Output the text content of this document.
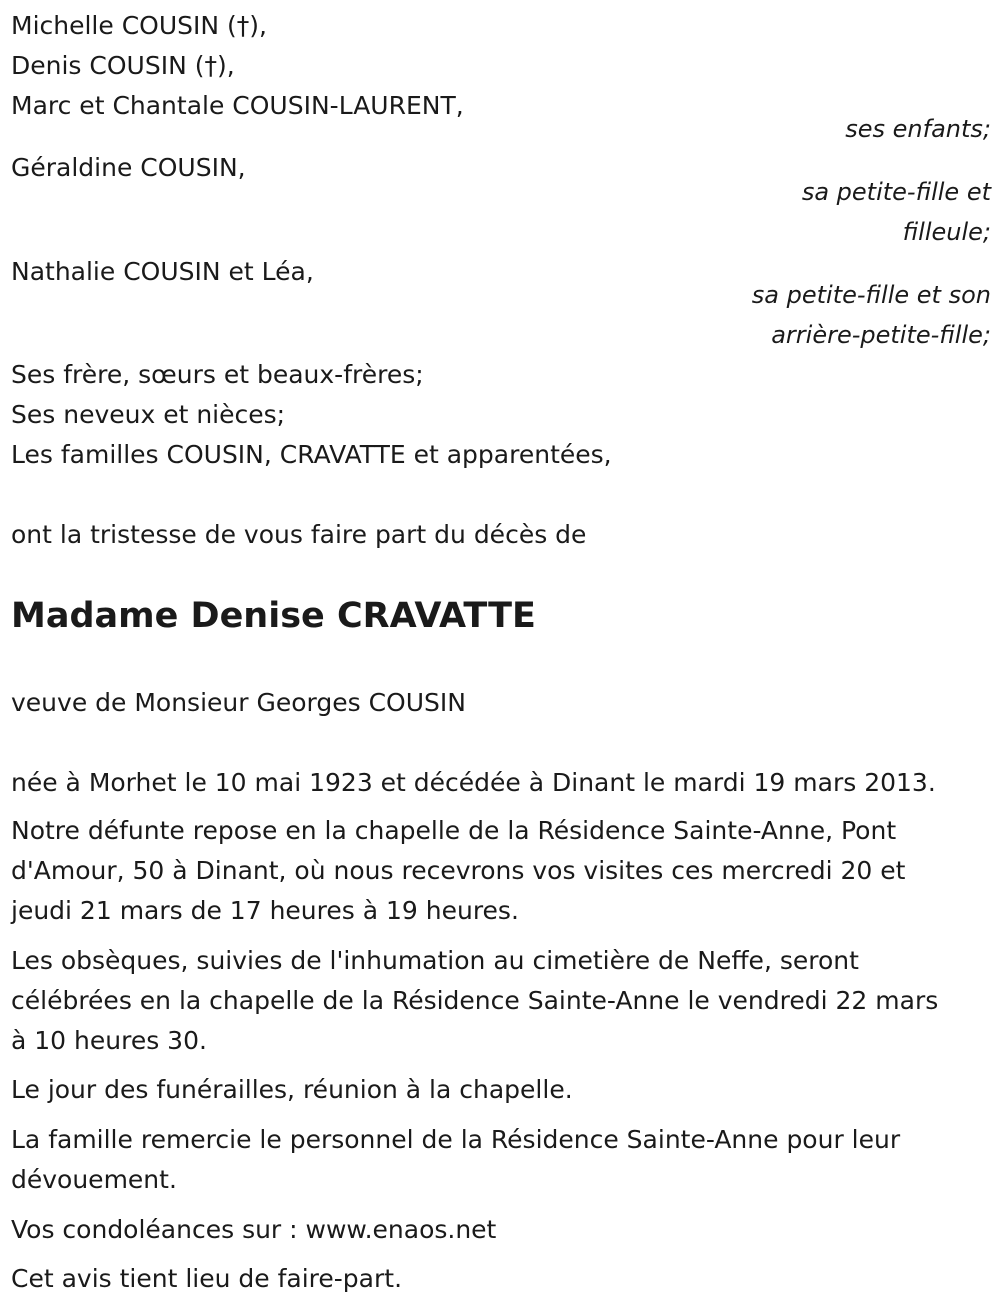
Michelle COUSIN (†),
Denis COUSIN (†),
Marc et Chantale COUSIN-LAURENT,
ses enfants;
Géraldine COUSIN,
sa petite-fille et
filleule;
Nathalie COUSIN et Léa,
sa petite-fille et son
arrière-petite-fille;
Ses frère, sœurs et beaux-frères;
Ses neveux et nièces;
Les familles COUSIN, CRAVATTE et apparentées,
ont la tristesse de vous faire part du décès de
Madame Denise CRAVATTE
veuve de Monsieur Georges COUSIN
née à Morhet le 10 mai 1923 et décédée à Dinant le mardi 19 mars 2013.
Notre défunte repose en la chapelle de la Résidence Sainte-Anne, Pont
d'Amour, 50 à Dinant, où nous recevrons vos visites ces mercredi 20 et
jeudi 21 mars de 17 heures à 19 heures.
Les obsèques, suivies de l'inhumation au cimetière de Neffe, seront
célébrées en la chapelle de la Résidence Sainte-Anne le vendredi 22 mars
à 10 heures 30.
Le jour des funérailles, réunion à la chapelle.
La famille remercie le personnel de la Résidence Sainte-Anne pour leur
dévouement.
Vos condoléances sur : www.enaos.net
Cet avis tient lieu de faire-part.
